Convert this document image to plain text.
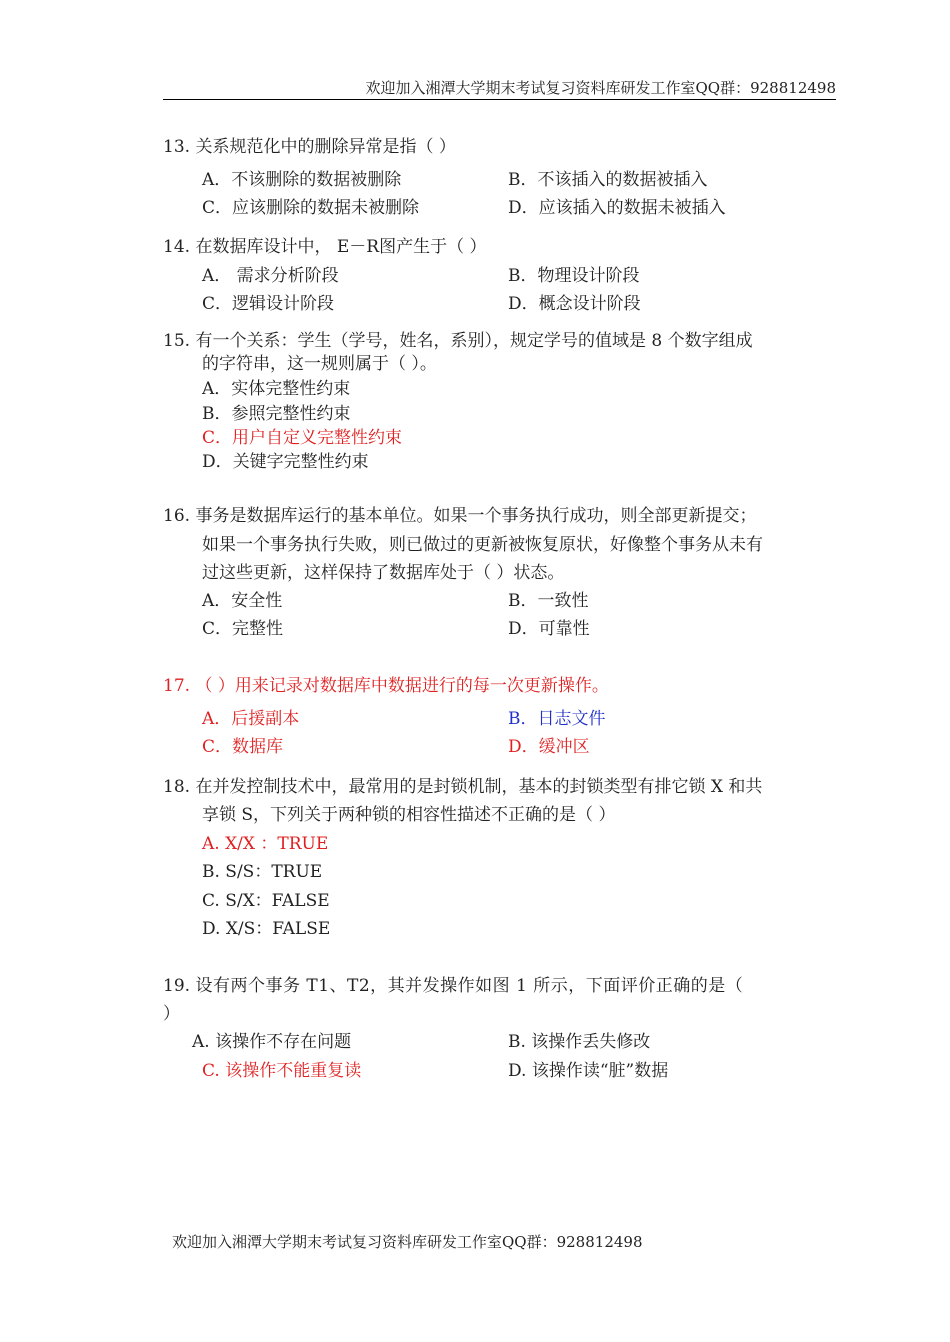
欢迎加入湘潭大学期末考试复习资料库研发工作室QQ群：928812498
13. 关系规范化中的删除异常是指（ ）
A．不该删除的数据被删除	B．不该插入的数据被插入
C．应该删除的数据未被删除	D．应该插入的数据未被插入
14. 在数据库设计中， E－R图产生于（ ）
A． 需求分析阶段	B．物理设计阶段
C．逻辑设计阶段	D．概念设计阶段
15. 有一个关系：学生（学号，姓名，系别），规定学号的值域是 8 个数字组成
的字符串，这一规则属于（ ）。
A．实体完整性约束
B．参照完整性约束
C．用户自定义完整性约束
D．关键字完整性约束
16. 事务是数据库运行的基本单位。如果一个事务执行成功，则全部更新提交；
如果一个事务执行失败，则已做过的更新被恢复原状，好像整个事务从未有
过这些更新，这样保持了数据库处于（ ）状态。
A．安全性	B．一致性
C．完整性	D．可靠性
17. （ ）用来记录对数据库中数据进行的每一次更新操作。
A．后援副本	B．日志文件
C．数据库	D．缓冲区
18. 在并发控制技术中，最常用的是封锁机制，基本的封锁类型有排它锁 X 和共
享锁 S，下列关于两种锁的相容性描述不正确的是（ ）
A. X/X ：TRUE
B. S/S：TRUE
C. S/X：FALSE
D. X/S：FALSE
19. 设有两个事务 T1、T2，其并发操作如图 1 所示，下面评价正确的是（
）
A. 该操作不存在问题	B. 该操作丢失修改
C. 该操作不能重复读	D. 该操作读“脏”数据
欢迎加入湘潭大学期末考试复习资料库研发工作室QQ群：928812498
